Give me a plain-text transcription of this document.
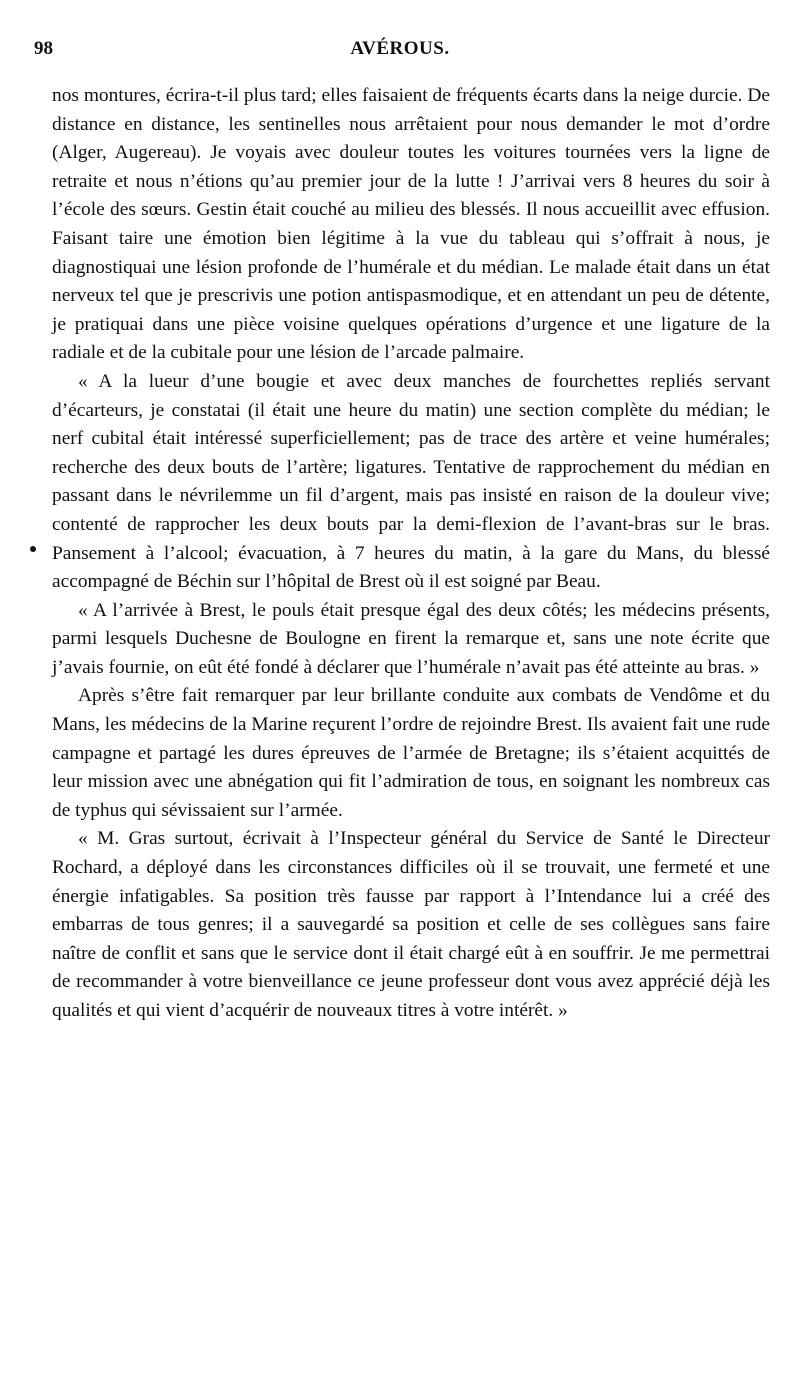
98	AVÉROUS.

nos montures, écrira-t-il plus tard; elles faisaient de fréquents écarts dans la neige durcie. De distance en distance, les sentinelles nous arrêtaient pour nous demander le mot d’ordre (Alger, Augereau). Je voyais avec douleur toutes les voitures tournées vers la ligne de retraite et nous n’étions qu’au premier jour de la lutte ! J’arrivai vers 8 heures du soir à l’école des sœurs. Gestin était couché au milieu des blessés. Il nous accueillit avec effusion. Faisant taire une émotion bien légitime à la vue du tableau qui s’offrait à nous, je diagnostiquai une lésion profonde de l’humérale et du médian. Le malade était dans un état nerveux tel que je prescrivis une potion antispasmodique, et en attendant un peu de détente, je pratiquai dans une pièce voisine quelques opérations d’urgence et une ligature de la radiale et de la cubitale pour une lésion de l’arcade palmaire.

« A la lueur d’une bougie et avec deux manches de fourchettes repliés servant d’écarteurs, je constatai (il était une heure du matin) une section complète du médian; le nerf cubital était intéressé superficiellement; pas de trace des artère et veine humérales; recherche des deux bouts de l’artère; ligatures. Tentative de rapprochement du médian en passant dans le névrilemme un fil d’argent, mais pas insisté en raison de la douleur vive; contenté de rapprocher les deux bouts par la demi-flexion de l’avant-bras sur le bras. Pansement à l’alcool; évacuation, à 7 heures du matin, à la gare du Mans, du blessé accompagné de Béchin sur l’hôpital de Brest où il est soigné par Beau.

« A l’arrivée à Brest, le pouls était presque égal des deux côtés; les médecins présents, parmi lesquels Duchesne de Boulogne en firent la remarque et, sans une note écrite que j’avais fournie, on eût été fondé à déclarer que l’humérale n’avait pas été atteinte au bras. »

Après s’être fait remarquer par leur brillante conduite aux combats de Vendôme et du Mans, les médecins de la Marine reçurent l’ordre de rejoindre Brest. Ils avaient fait une rude campagne et partagé les dures épreuves de l’armée de Bretagne; ils s’étaient acquittés de leur mission avec une abnégation qui fit l’admiration de tous, en soignant les nombreux cas de typhus qui sévissaient sur l’armée.

« M. Gras surtout, écrivait à l’Inspecteur général du Service de Santé le Directeur Rochard, a déployé dans les circonstances difficiles où il se trouvait, une fermeté et une énergie infatigables. Sa position très fausse par rapport à l’Intendance lui a créé des embarras de tous genres; il a sauvegardé sa position et celle de ses collègues sans faire naître de conflit et sans que le service dont il était chargé eût à en souffrir. Je me permettrai de recommander à votre bienveillance ce jeune professeur dont vous avez apprécié déjà les qualités et qui vient d’acquérir de nouveaux titres à votre intérêt. »
